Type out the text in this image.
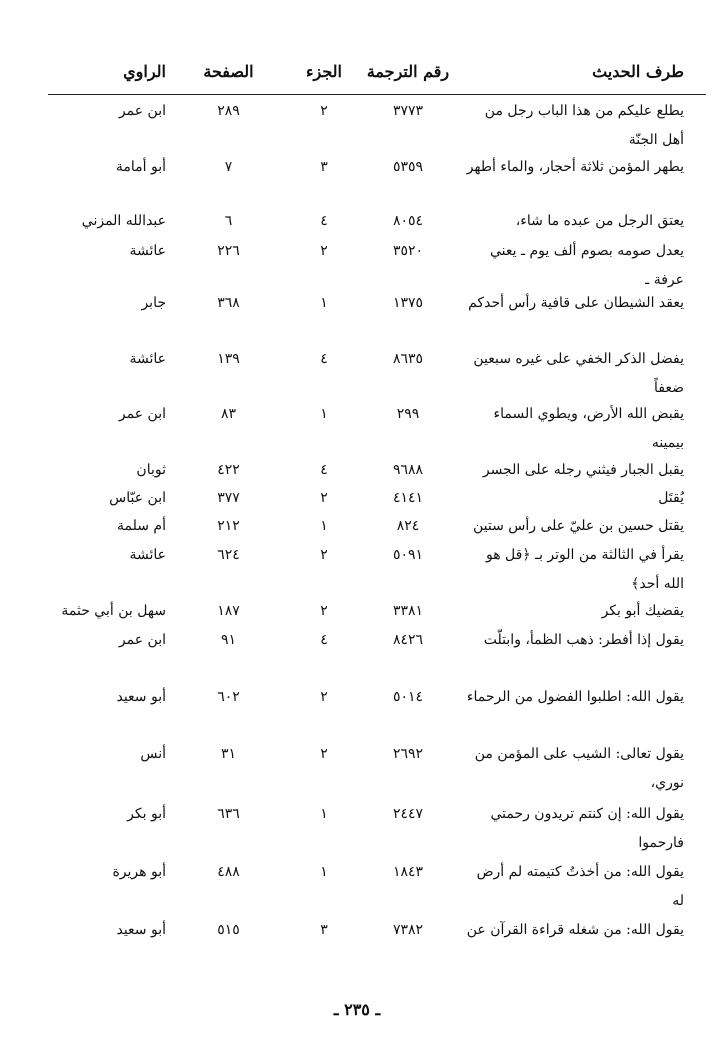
طرف الحديث
رقم الترجمة
الجزء
الصفحة
الراوي
يطلع عليكم من هذا الباب رجل من أهل الجنّة
٣٧٧٣
٢
٢٨٩
ابن عمر
يطهر المؤمن ثلاثة أحجار، والماء أطهر
٥٣٥٩
٣
٧
أبو أمامة
يعتق الرجل من عبده ما شاء،
٨٠٥٤
٤
٦
عبدالله المزني
يعدل صومه بصوم ألف يوم ـ يعني عرفة ـ
٣٥٢٠
٢
٢٢٦
عائشة
يعقد الشيطان على قافية رأس أحدكم
١٣٧٥
١
٣٦٨
جابر
يفضل الذكر الخفي على غيره سبعين ضعفاً
٨٦٣٥
٤
١٣٩
عائشة
يقبض الله الأرض، ويطوي السماء بيمينه
٢٩٩
١
٨٣
ابن عمر
يقبل الجبار فيثني رجله على الجسر
٩٦٨٨
٤
٤٢٢
ثوبان
يُقتَل
٤١٤١
٢
٣٧٧
ابن عبّاس
يقتل حسين بن عليّ على رأس ستين
٨٢٤
١
٢١٢
أم سلمة
يقرأ في الثالثة من الوتر بـ ﴿قل هو الله أحد﴾
٥٠٩١
٢
٦٢٤
عائشة
يقضيك أبو بكر
٣٣٨١
٢
١٨٧
سهل بن أبي حثمة
يقول إذا أفطر: ذهب الظمأ، وابتلّت
٨٤٢٦
٤
٩١
ابن عمر
يقول الله: اطلبوا الفضول من الرحماء
٥٠١٤
٢
٦٠٢
أبو سعيد
يقول تعالى: الشيب على المؤمن من نوري،
٢٦٩٢
٢
٣١
أنس
يقول الله: إن كنتم تريدون رحمتي فارحموا
٢٤٤٧
١
٦٣٦
أبو بكر
يقول الله: من أخذتُ كتيمته لم أرض له
١٨٤٣
١
٤٨٨
أبو هريرة
يقول الله: من شغله قراءة القرآن عن
٧٣٨٢
٣
٥١٥
أبو سعيد
ـ ٢٣٥ ـ
